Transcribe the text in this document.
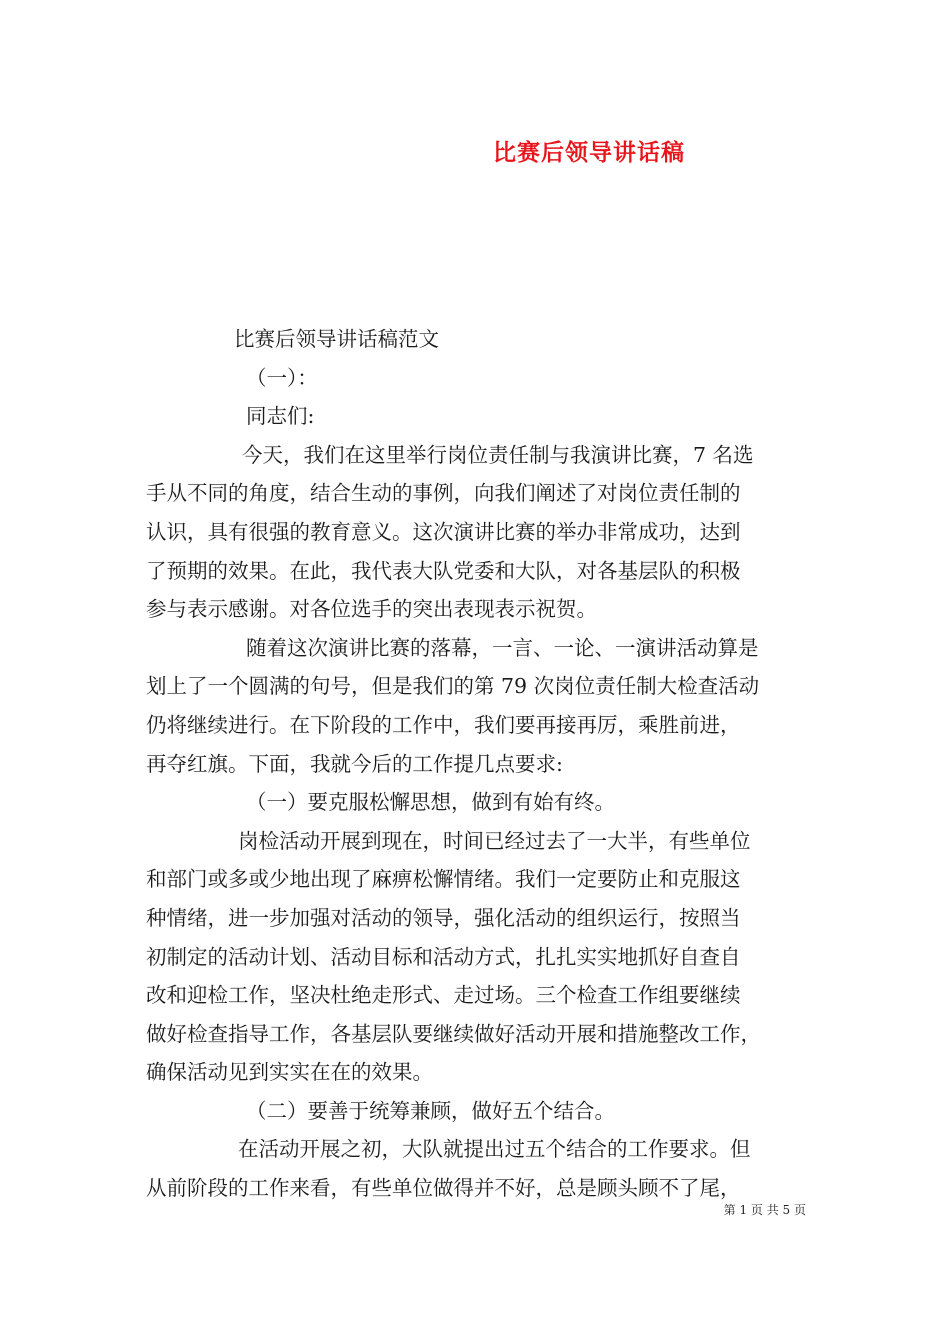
比赛后领导讲话稿

比赛后领导讲话稿范文

（一）：

同志们:

今天，我们在这里举行岗位责任制与我演讲比赛，7 名选

手从不同的角度，结合生动的事例，向我们阐述了对岗位责任制的

认识，具有很强的教育意义。这次演讲比赛的举办非常成功，达到

了预期的效果。在此，我代表大队党委和大队，对各基层队的积极

参与表示感谢。对各位选手的突出表现表示祝贺。

随着这次演讲比赛的落幕，一言、一论、一演讲活动算是

划上了一个圆满的句号，但是我们的第 79 次岗位责任制大检查活动

仍将继续进行。在下阶段的工作中，我们要再接再厉，乘胜前进，

再夺红旗。下面，我就今后的工作提几点要求:

（一）要克服松懈思想，做到有始有终。

岗检活动开展到现在，时间已经过去了一大半，有些单位

和部门或多或少地出现了麻痹松懈情绪。我们一定要防止和克服这

种情绪，进一步加强对活动的领导，强化活动的组织运行，按照当

初制定的活动计划、活动目标和活动方式，扎扎实实地抓好自查自

改和迎检工作，坚决杜绝走形式、走过场。三个检查工作组要继续

做好检查指导工作，各基层队要继续做好活动开展和措施整改工作，

确保活动见到实实在在的效果。

（二）要善于统筹兼顾，做好五个结合。

在活动开展之初，大队就提出过五个结合的工作要求。但

从前阶段的工作来看，有些单位做得并不好，总是顾头顾不了尾，

第 1 页 共 5 页
